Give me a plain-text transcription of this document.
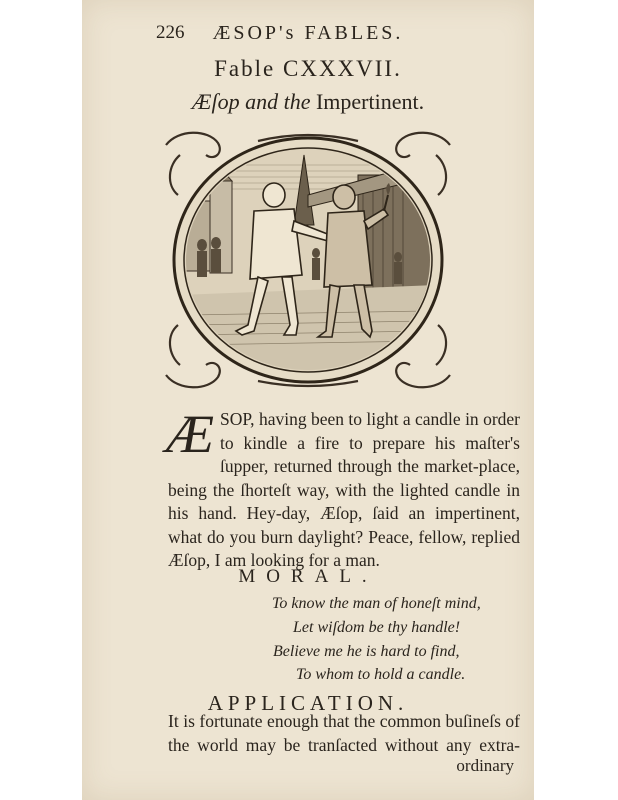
226	ÆSOP's FABLES.
Fable CXXXVII.
Æſop and the Impertinent.
ÆSOP, having been to light a candle in order to kindle a fire to prepare his maſter's ſupper, returned through the market-place, being the ſhorteſt way, with the lighted candle in his hand. Hey-day, Æſop, ſaid an impertinent, what do you burn daylight? Peace, fellow, replied Æſop, I am looking for a man.
MORAL.
To know the man of honeſt mind,
Let wiſdom be thy handle!
Believe me he is hard to find,
To whom to hold a candle.
APPLICATION.
It is fortunate enough that the common buſineſs of the world may be tranſacted without any extra-
ordinary
